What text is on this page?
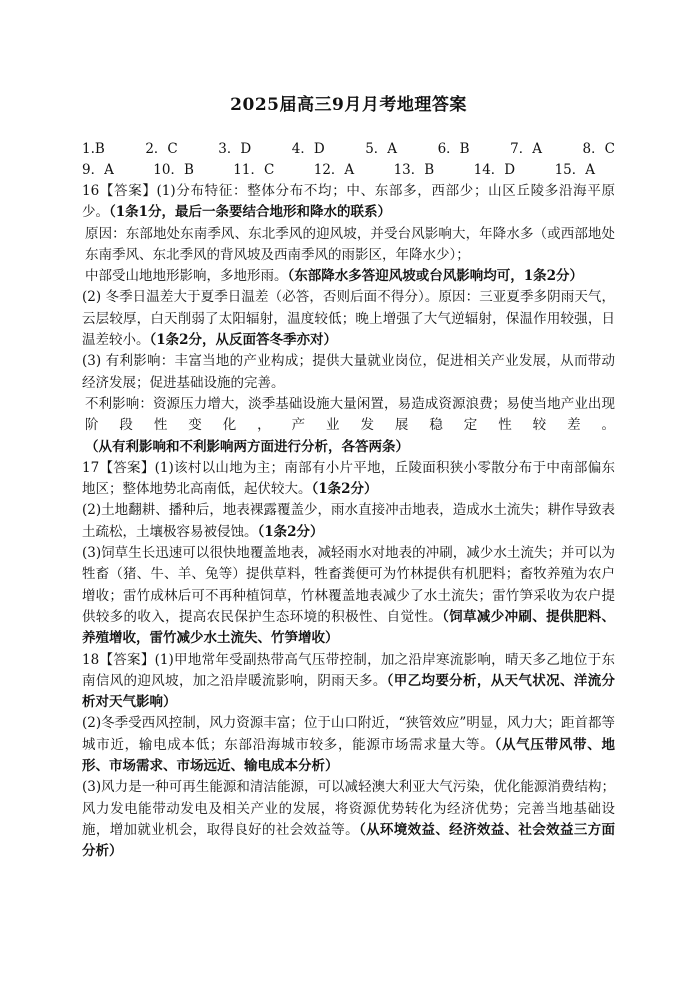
2025届高三9月月考地理答案
1.B	2．C	3．D	4．D	5．A	6．B	7．A	8．C
9．A	10．B	11．C	12．A	13．B	14．D	15．A

16【答案】(1)分布特征：整体分布不均；中、东部多，西部少；山区丘陵多沿海平原少。（1条1分，最后一条要结合地形和降水的联系）

原因：东部地处东南季风、东北季风的迎风坡，并受台风影响大，年降水多（或西部地处东南季风、东北季风的背风坡及西南季风的雨影区，年降水少）；

中部受山地地形影响，多地形雨。（东部降水多答迎风坡或台风影响均可，1条2分）

(2) 冬季日温差大于夏季日温差（必答，否则后面不得分）。原因：三亚夏季多阴雨天气，云层较厚，白天削弱了太阳辐射，温度较低；晚上增强了大气逆辐射，保温作用较强，日温差较小。（1条2分，从反面答冬季亦对）

(3) 有利影响：丰富当地的产业构成；提供大量就业岗位，促进相关产业发展，从而带动经济发展；促进基础设施的完善。

不利影响：资源压力增大，淡季基础设施大量闲置，易造成资源浪费；易使当地产业出现阶段性变化，产业发展稳定性较差。（从有利影响和不利影响两方面进行分析，各答两条）

17【答案】(1)该村以山地为主；南部有小片平地，丘陵面积狭小零散分布于中南部偏东地区；整体地势北高南低，起伏较大。（1条2分）

(2)土地翻耕、播种后，地表裸露覆盖少，雨水直接冲击地表，造成水土流失；耕作导致表土疏松，土壤极容易被侵蚀。（1条2分）

(3)饲草生长迅速可以很快地覆盖地表，减轻雨水对地表的冲刷，减少水土流失；并可以为牲畜（猪、牛、羊、兔等）提供草料，牲畜粪便可为竹林提供有机肥料；畜牧养殖为农户增收；雷竹成林后可不再种植饲草，竹林覆盖地表减少了水土流失；雷竹笋采收为农户提供较多的收入，提高农民保护生态环境的积极性、自觉性。（饲草减少冲刷、提供肥料、养殖增收，雷竹减少水土流失、竹笋增收）

18【答案】(1)甲地常年受副热带高气压带控制，加之沿岸寒流影响，晴天多乙地位于东南信风的迎风坡，加之沿岸暖流影响，阴雨天多。（甲乙均要分析，从天气状况、洋流分析对天气影响）

(2)冬季受西风控制，风力资源丰富；位于山口附近，“狭管效应”明显，风力大；距首都等城市近，输电成本低；东部沿海城市较多，能源市场需求量大等。（从气压带风带、地形、市场需求、市场远近、输电成本分析）

(3)风力是一种可再生能源和清洁能源，可以减轻澳大利亚大气污染，优化能源消费结构；风力发电能带动发电及相关产业的发展，将资源优势转化为经济优势；完善当地基础设施，增加就业机会，取得良好的社会效益等。（从环境效益、经济效益、社会效益三方面分析）
